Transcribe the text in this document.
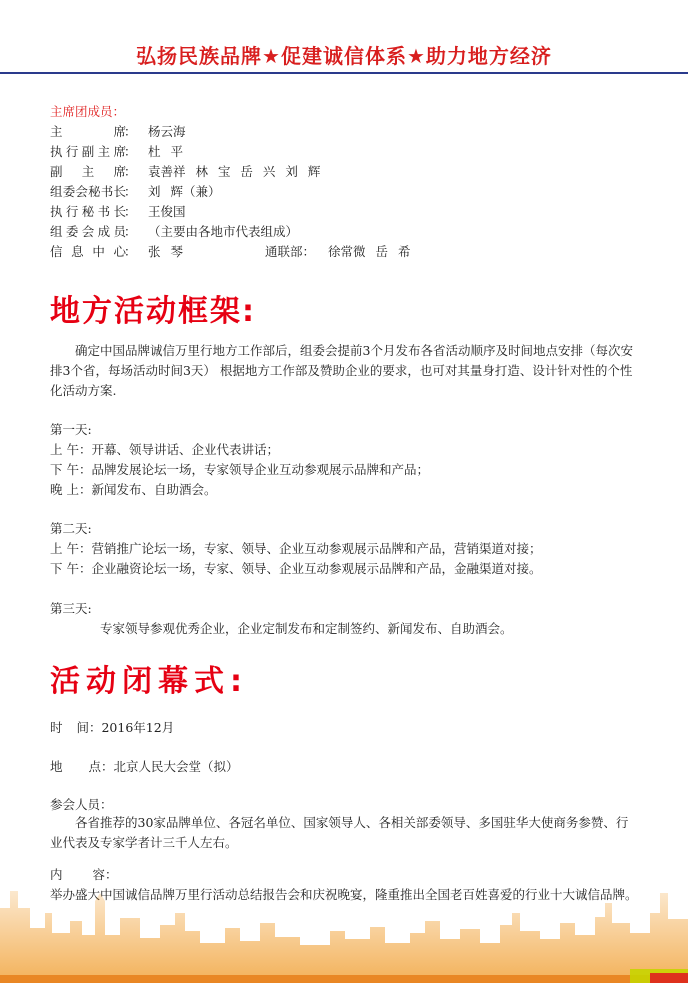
弘扬民族品牌★促建诚信体系★助力地方经济
主席团成员：
主席
： 杨云海
执行副主席
： 杜 平
副主席
： 袁善祥 林 宝 岳 兴 刘 辉
组委会秘书长
： 刘 辉（兼）
执行秘书长
： 王俊国
组委会成员
： （主要由各地市代表组成）
信息中心
： 张 琴	通联部： 徐常微 岳 希
地方活动框架:
确定中国品牌诚信万里行地方工作部后，组委会提前3个月发布各省活动顺序及时间地点安排（每次安排3个省，每场活动时间3天） 根据地方工作部及赞助企业的要求，也可对其量身打造、设计针对性的个性化活动方案.
第一天:
上 午：开幕、领导讲话、企业代表讲话；
下 午：品牌发展论坛一场，专家领导企业互动参观展示品牌和产品；
晚 上：新闻发布、自助酒会。
第二天:
上 午：营销推广论坛一场，专家、领导、企业互动参观展示品牌和产品，营销渠道对接；
下 午：企业融资论坛一场，专家、领导、企业互动参观展示品牌和产品，金融渠道对接。
第三天:
专家领导参观优秀企业，企业定制发布和定制签约、新闻发布、自助酒会。
活动闭幕式:
时 间：2016年12月
地 点：北京人民大会堂（拟）
参会人员：
各省推荐的30家品牌单位、各冠名单位、国家领导人、各相关部委领导、多国驻华大使商务参赞、行业代表及专家学者计三千人左右。
内 容：
举办盛大中国诚信品牌万里行活动总结报告会和庆祝晚宴，隆重推出全国老百姓喜爱的行业十大诚信品牌。
